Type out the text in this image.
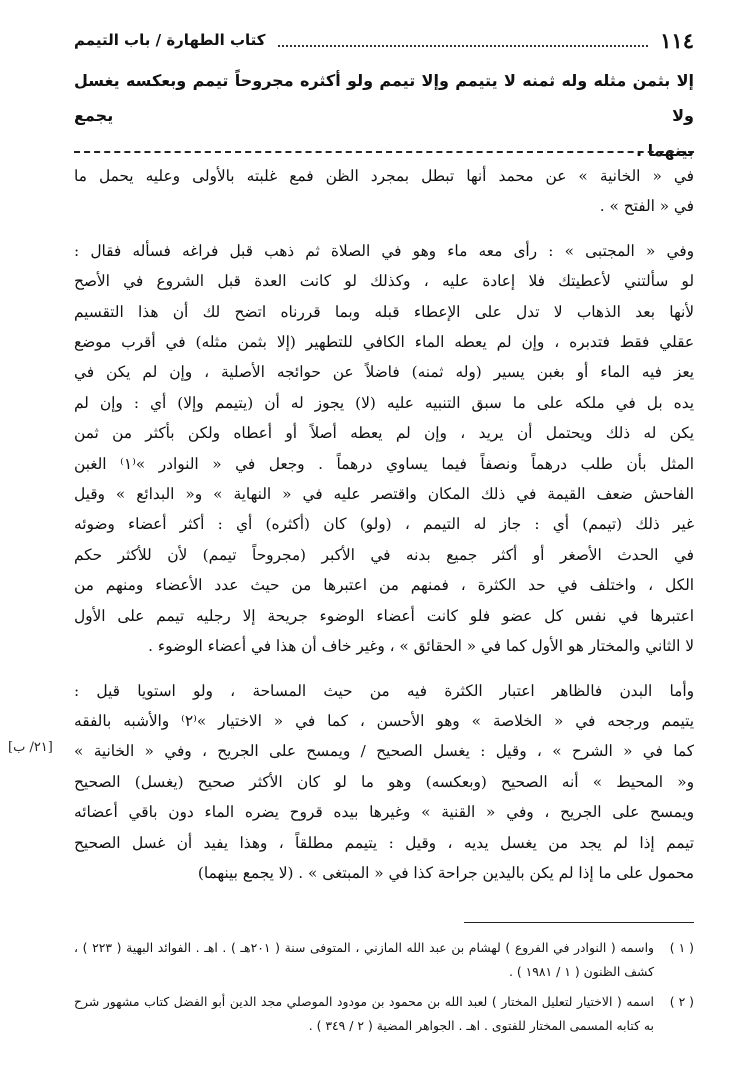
١١٤
كتاب الطهارة / باب التيمم
إلا بثمن مثله وله ثمنه لا يتيمم وإلا تيمم ولو أكثره مجروحاً تيمم وبعكسه يغسل ولا يجمع
بينهما .
في « الخانية » عن محمد أنها تبطل بمجرد الظن فمع غلبته بالأولى وعليه يحمل ما
في « الفتح » .
وفي « المجتبى » : رأى معه ماء وهو في الصلاة ثم ذهب قبل فراغه فسأله فقال :
لو سألتني لأعطيتك فلا إعادة عليه ، وكذلك لو كانت العدة قبل الشروع في الأصح
لأنها بعد الذهاب لا تدل على الإعطاء قبله وبما قررناه اتضح لك أن هذا التقسيم
عقلي فقط فتدبره ، وإن لم يعطه الماء الكافي للتطهير (إلا بثمن مثله) في أقرب موضع
يعز فيه الماء أو بغبن يسير (وله ثمنه) فاضلاً عن حوائجه الأصلية ، وإن لم يكن في
يده بل في ملكه على ما سبق التنبيه عليه (لا) يجوز له أن (يتيمم وإلا) أي : وإن لم
يكن له ذلك ويحتمل أن يريد ، وإن لم يعطه أصلاً أو أعطاه ولكن بأكثر من ثمن
المثل بأن طلب درهماً ونصفاً فيما يساوي درهماً . وجعل في « النوادر »⁽١⁾ الغبن
الفاحش ضعف القيمة في ذلك المكان واقتصر عليه في « النهاية » و« البدائع » وقيل
غير ذلك (تيمم) أي : جاز له التيمم ، (ولو) كان (أكثره) أي : أكثر أعضاء وضوئه
في الحدث الأصغر أو أكثر جميع بدنه في الأكبر (مجروحاً تيمم) لأن للأكثر حكم
الكل ، واختلف في حد الكثرة ، فمنهم من اعتبرها من حيث عدد الأعضاء ومنهم من
اعتبرها في نفس كل عضو فلو كانت أعضاء الوضوء جريحة إلا رجليه تيمم على الأول
لا الثاني والمختار هو الأول كما في « الحقائق » ، وغير خاف أن هذا في أعضاء الوضوء .
وأما البدن فالظاهر اعتبار الكثرة فيه من حيث المساحة ، ولو استويا قيل :
يتيمم ورجحه في « الخلاصة » وهو الأحسن ، كما في « الاختيار »⁽٢⁾ والأشبه بالفقه
كما في « الشرح » ، وقيل : يغسل الصحيح / ويمسح على الجريح ، وفي « الخانية »
و« المحيط » أنه الصحيح (وبعكسه) وهو ما لو كان الأكثر صحيح (يغسل) الصحيح
ويمسح على الجريح ، وفي « القنية » وغيرها بيده قروح يضره الماء دون باقي أعضائه
تيمم إذا لم يجد من يغسل يديه ، وقيل : يتيمم مطلقاً ، وهذا يفيد أن غسل الصحيح
محمول على ما إذا لم يكن باليدين جراحة كذا في « المبتغى » . (لا يجمع بينهما)
[٢١/ ب]
( ١ )
واسمه ( النوادر في الفروع ) لهشام بن عبد الله المازني ، المتوفى سنة ( ٢٠١هـ ) . اهـ . الفوائد البهية ( ٢٢٣ ) ، كشف الظنون ( ١ / ١٩٨١ ) .
( ٢ )
اسمه ( الاختيار لتعليل المختار ) لعبد الله بن محمود بن مودود الموصلي مجد الدين أبو الفضل كتاب مشهور شرح به كتابه المسمى المختار للفتوى . اهـ . الجواهر المضية ( ٢ / ٣٤٩ ) .
